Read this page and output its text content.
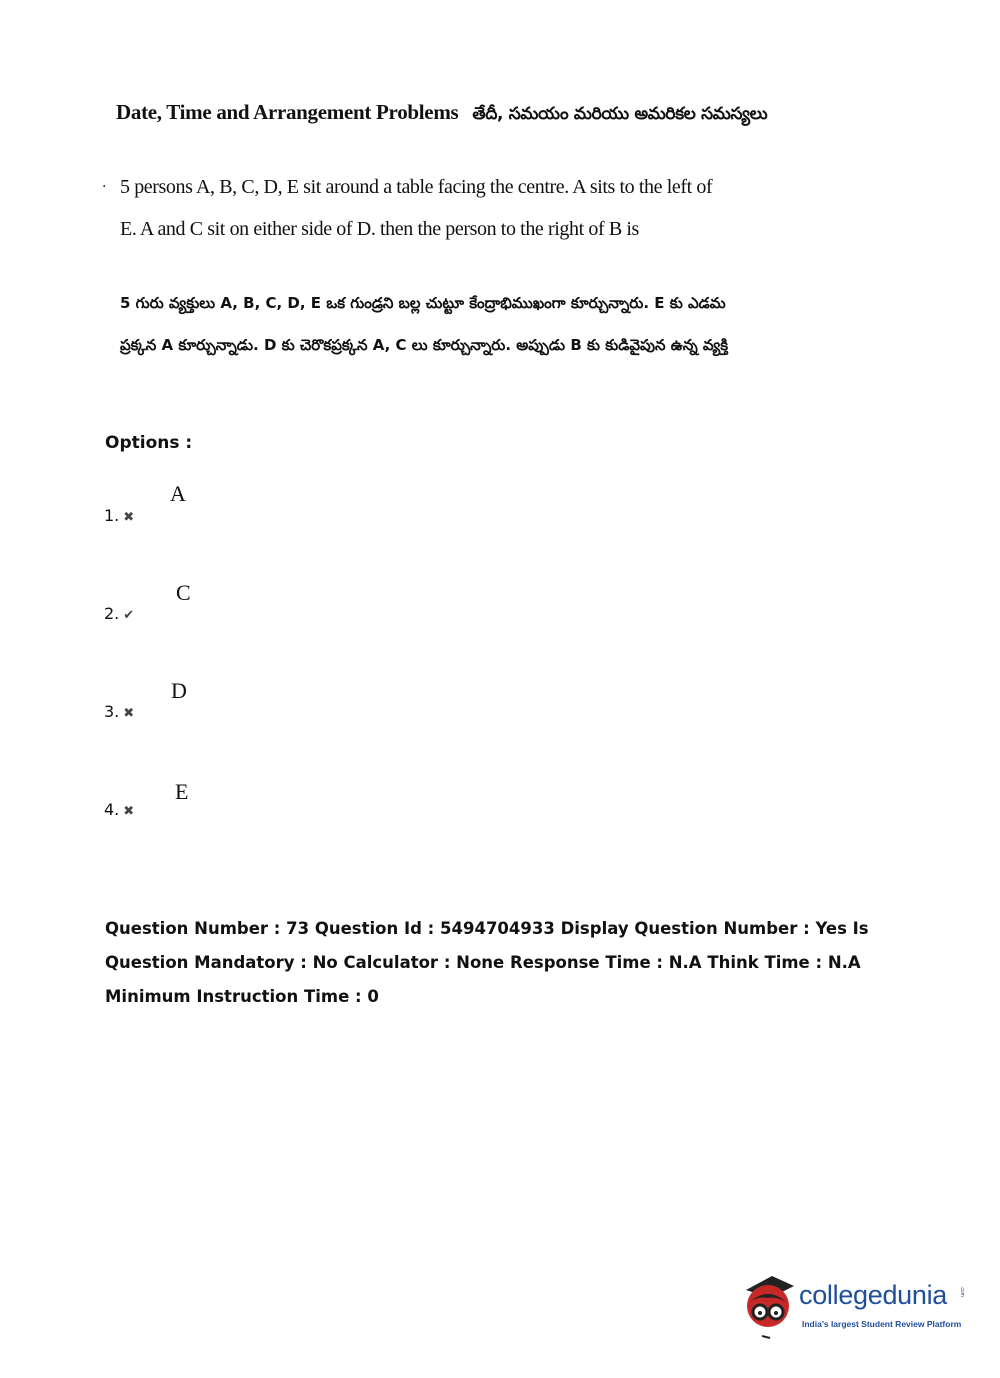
Date, Time and Arrangement Problems తేదీ, సమయం మరియు అమరికల సమస్యలు
. 5 persons A, B, C, D, E sit around a table facing the centre. A sits to the left of E. A and C sit on either side of D. then the person to the right of B is
5 గురు వ్యక్తులు A, B, C, D, E ఒక గుండ్రని బల్ల చుట్టూ కేంద్రాభిముఖంగా కూర్చున్నారు. E కు ఎడమ ప్రక్కన A కూర్చున్నాడు. D కు చెరొకప్రక్కన A, C లు కూర్చున్నారు. అప్పుడు B కు కుడివైపున ఉన్న వ్యక్తి
Options :
1. ✖
A
2. ✔
C
3. ✖
D
4. ✖
E
Question Number : 73 Question Id : 5494704933 Display Question Number : Yes Is Question Mandatory : No Calculator : None Response Time : N.A Think Time : N.A Minimum Instruction Time : 0
collegedunia .com
India's largest Student Review Platform
